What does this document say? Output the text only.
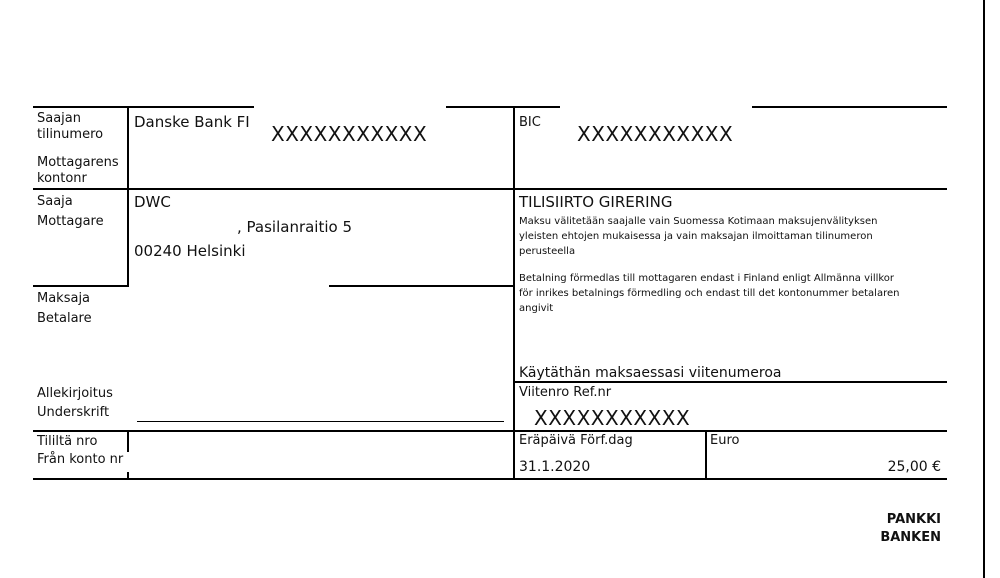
Saajan
tilinumero
Mottagarens
kontonr
Danske Bank FI XXXXXXXXXXX	BIC XXXXXXXXXXX
Saaja
Mottagare
DWC
, Pasilanraitio 5
00240 Helsinki
TILISIIRTO GIRERING
Maksu välitetään saajalle vain Suomessa Kotimaan maksujenvälityksen yleisten ehtojen mukaisessa ja vain maksajan ilmoittaman tilinumeron perusteella
Betalning förmedlas till mottagaren endast i Finland enligt Allmänna villkor för inrikes betalnings förmedling och endast till det kontonummer betalaren angivit
Maksaja
Betalare
Käytäthän maksaessasi viitenumeroa
Allekirjoitus
Underskrift
Viitenro Ref.nr
XXXXXXXXXXX
Tililtä nro
Från konto nr
Eräpäivä Förf.dag
31.1.2020
Euro
25,00 €
PANKKI
BANKEN
